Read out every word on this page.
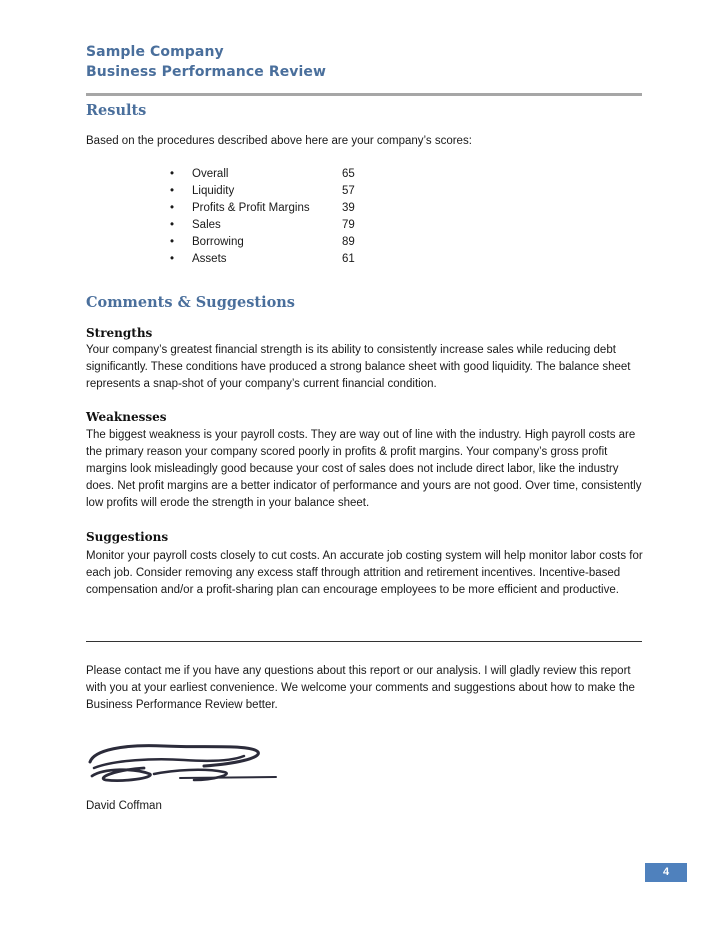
Sample Company
Business Performance Review
Results
Based on the procedures described above here are your company’s scores:
• Overall	65
• Liquidity	57
• Profits & Profit Margins	39
• Sales	79
• Borrowing	89
• Assets	61
Comments & Suggestions
Strengths
Your company’s greatest financial strength is its ability to consistently increase sales while reducing debt significantly. These conditions have produced a strong balance sheet with good liquidity. The balance sheet represents a snap-shot of your company’s current financial condition.
Weaknesses
The biggest weakness is your payroll costs. They are way out of line with the industry. High payroll costs are the primary reason your company scored poorly in profits & profit margins. Your company’s gross profit margins look misleadingly good because your cost of sales does not include direct labor, like the industry does. Net profit margins are a better indicator of performance and yours are not good. Over time, consistently low profits will erode the strength in your balance sheet.
Suggestions
Monitor your payroll costs closely to cut costs. An accurate job costing system will help monitor labor costs for each job. Consider removing any excess staff through attrition and retirement incentives. Incentive-based compensation and/or a profit-sharing plan can encourage employees to be more efficient and productive.
Please contact me if you have any questions about this report or our analysis. I will gladly review this report with you at your earliest convenience. We welcome your comments and suggestions about how to make the Business Performance Review better.
David Coffman
4
